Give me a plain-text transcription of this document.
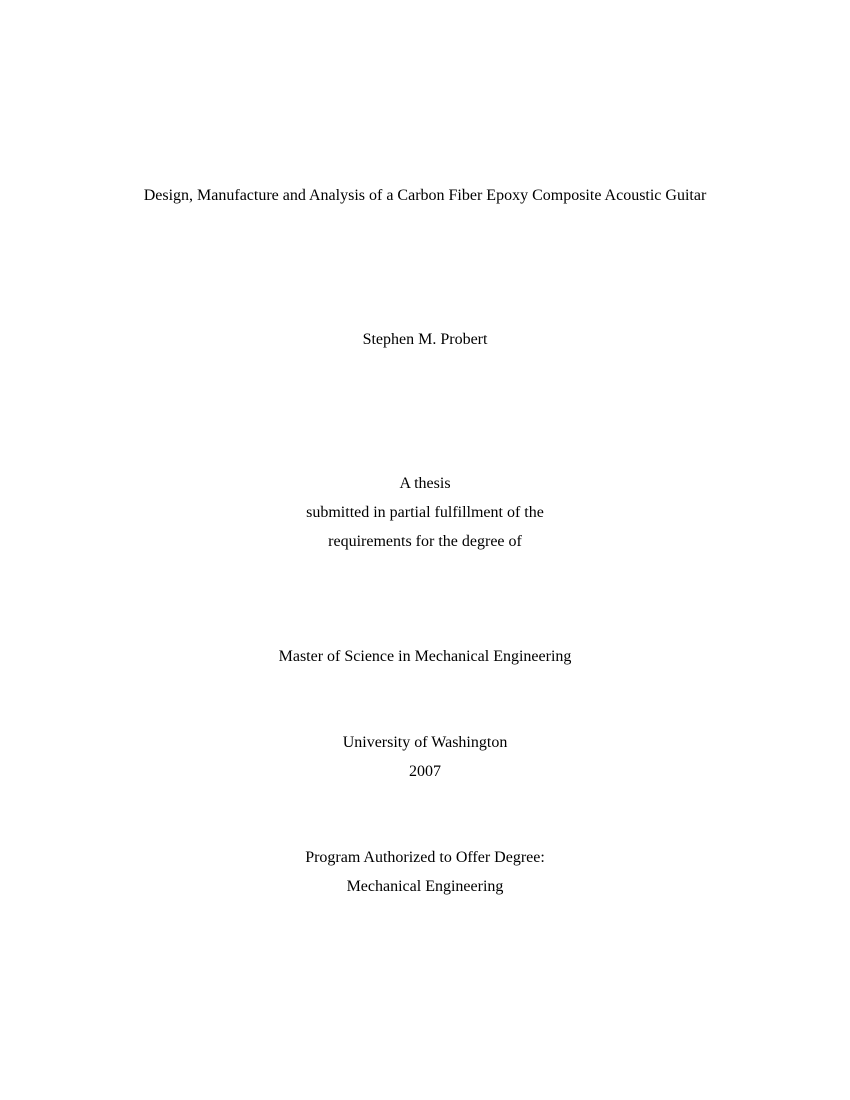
Design, Manufacture and Analysis of a Carbon Fiber Epoxy Composite Acoustic Guitar
Stephen M. Probert
A thesis
submitted in partial fulfillment of the
requirements for the degree of
Master of Science in Mechanical Engineering
University of Washington
2007
Program Authorized to Offer Degree:
Mechanical Engineering
